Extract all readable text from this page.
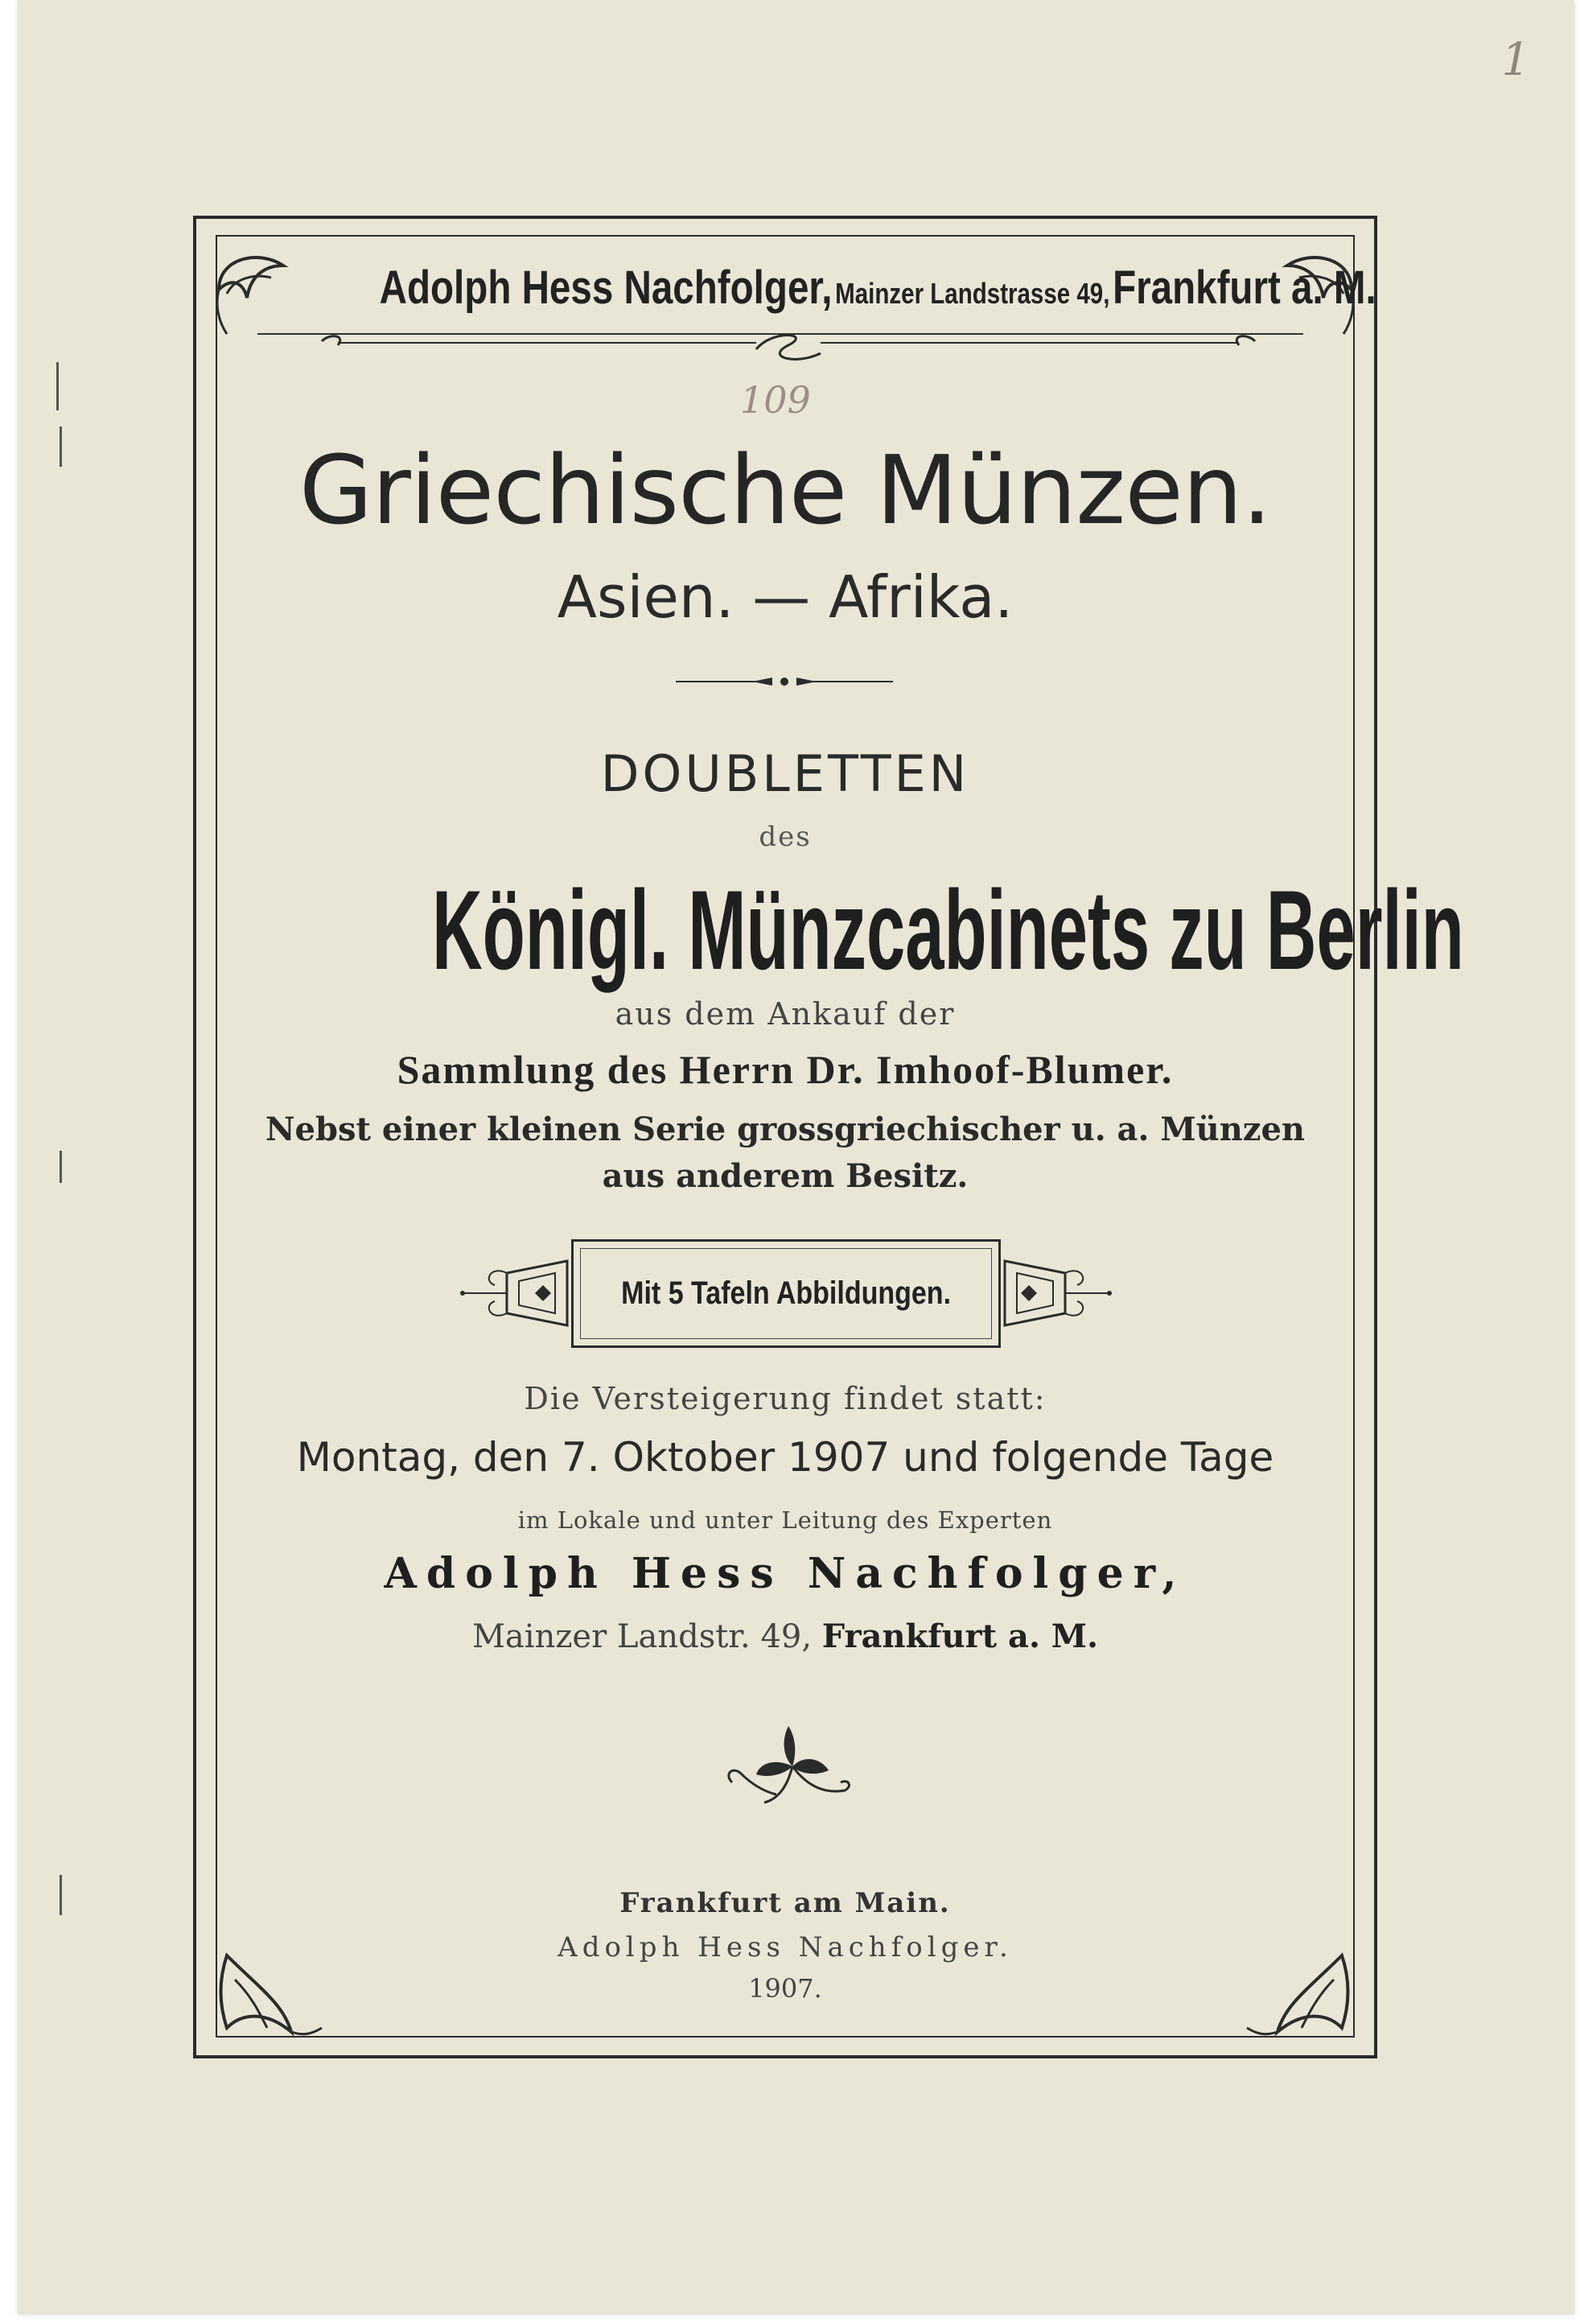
1
Adolph Hess Nachfolger, Mainzer Landstrasse 49, Frankfurt a. M.
109
Griechische Münzen.
Asien. — Afrika.
DOUBLETTEN
des
Königl. Münzcabinets zu Berlin
aus dem Ankauf der
Sammlung des Herrn Dr. Imhoof-Blumer.
Nebst einer kleinen Serie grossgriechischer u. a. Münzen
aus anderem Besitz.
Mit 5 Tafeln Abbildungen.
Die Versteigerung findet statt:
Montag, den 7. Oktober 1907 und folgende Tage
im Lokale und unter Leitung des Experten
Adolph Hess Nachfolger,
Mainzer Landstr. 49, Frankfurt a. M.
Frankfurt am Main.
Adolph Hess Nachfolger.
1907.
